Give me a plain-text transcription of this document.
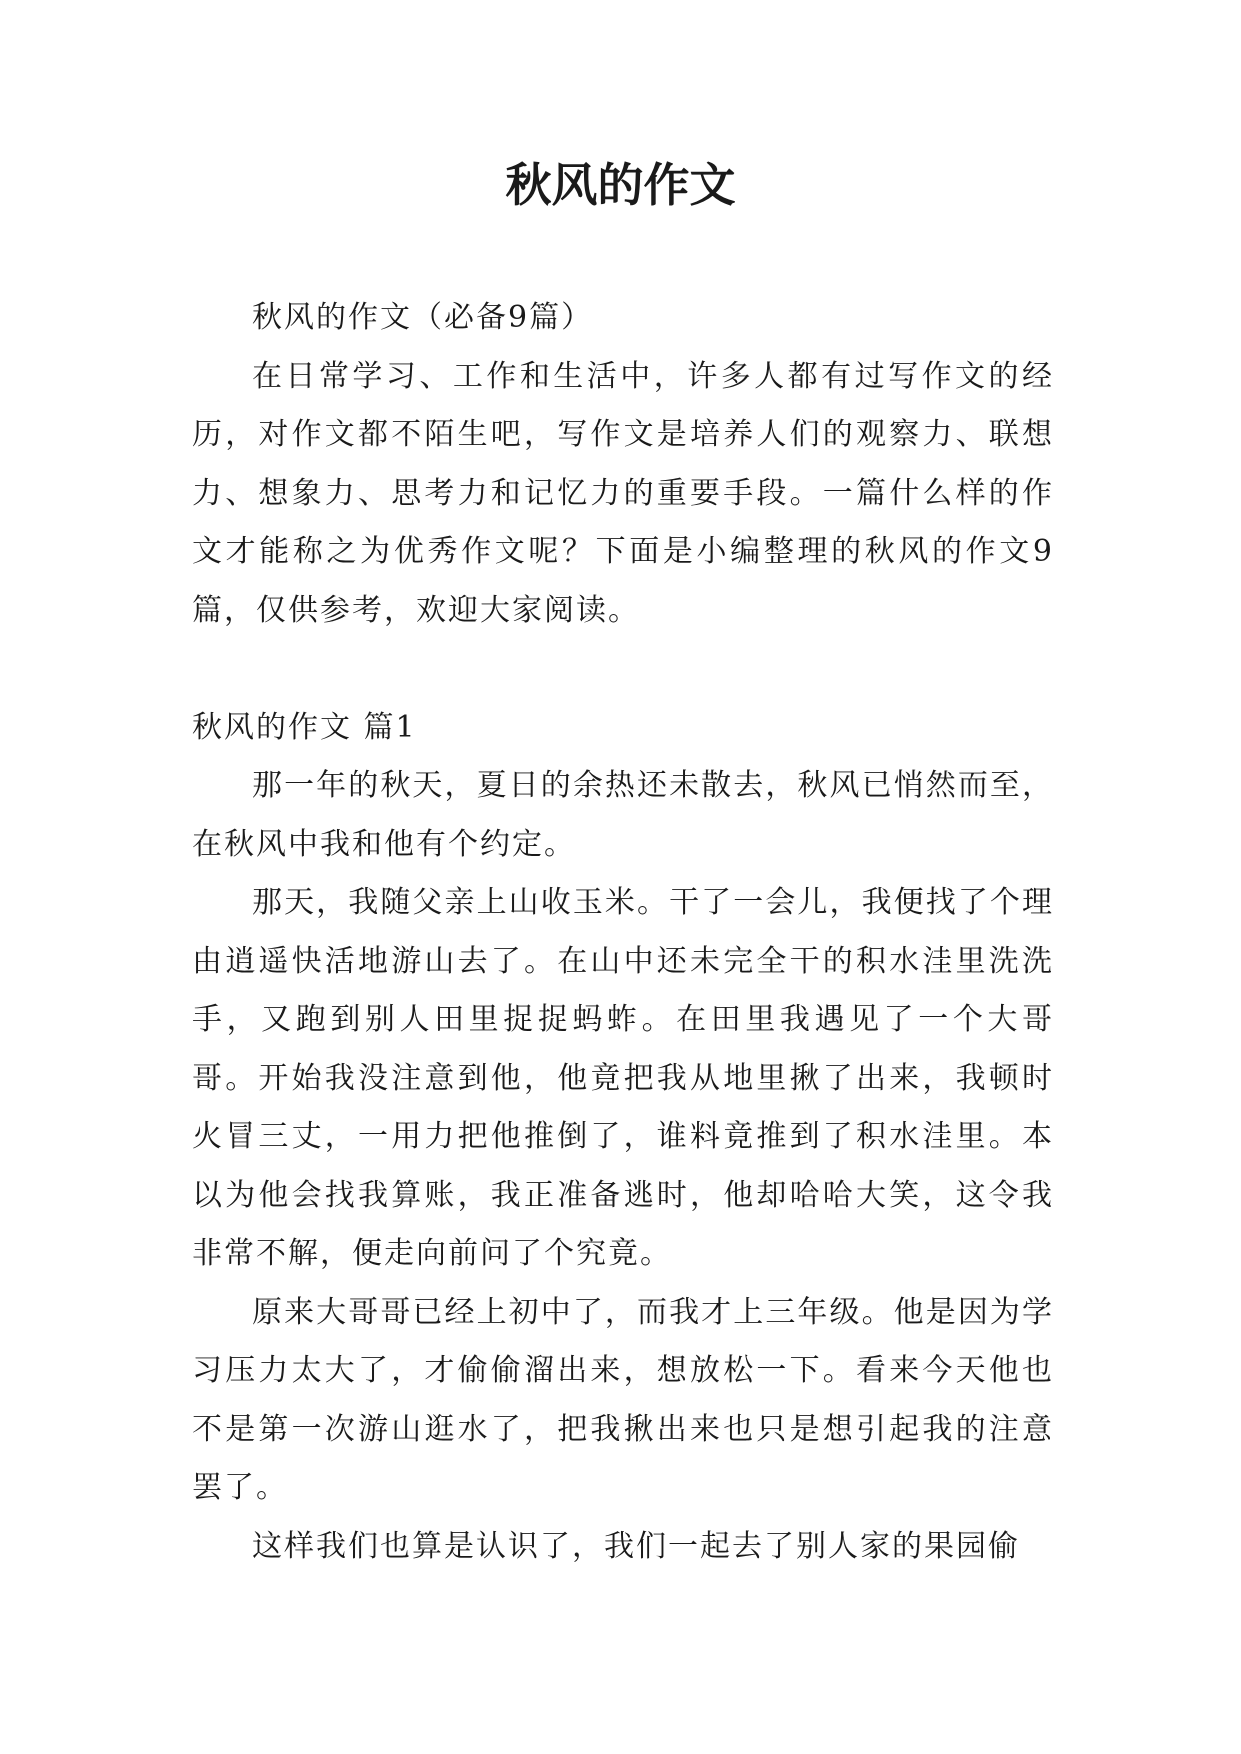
秋风的作文

秋风的作文（必备9篇）

在日常学习、工作和生活中，许多人都有过写作文的经历，对作文都不陌生吧，写作文是培养人们的观察力、联想力、想象力、思考力和记忆力的重要手段。一篇什么样的作文才能称之为优秀作文呢？下面是小编整理的秋风的作文9篇，仅供参考，欢迎大家阅读。

秋风的作文 篇1

那一年的秋天，夏日的余热还未散去，秋风已悄然而至，在秋风中我和他有个约定。

那天，我随父亲上山收玉米。干了一会儿，我便找了个理由逍遥快活地游山去了。在山中还未完全干的积水洼里洗洗手，又跑到别人田里捉捉蚂蚱。在田里我遇见了一个大哥哥。开始我没注意到他，他竟把我从地里揪了出来，我顿时火冒三丈，一用力把他推倒了，谁料竟推到了积水洼里。本以为他会找我算账，我正准备逃时，他却哈哈大笑，这令我非常不解，便走向前问了个究竟。

原来大哥哥已经上初中了，而我才上三年级。他是因为学习压力太大了，才偷偷溜出来，想放松一下。看来今天他也不是第一次游山逛水了，把我揪出来也只是想引起我的注意罢了。

这样我们也算是认识了，我们一起去了别人家的果园偷
